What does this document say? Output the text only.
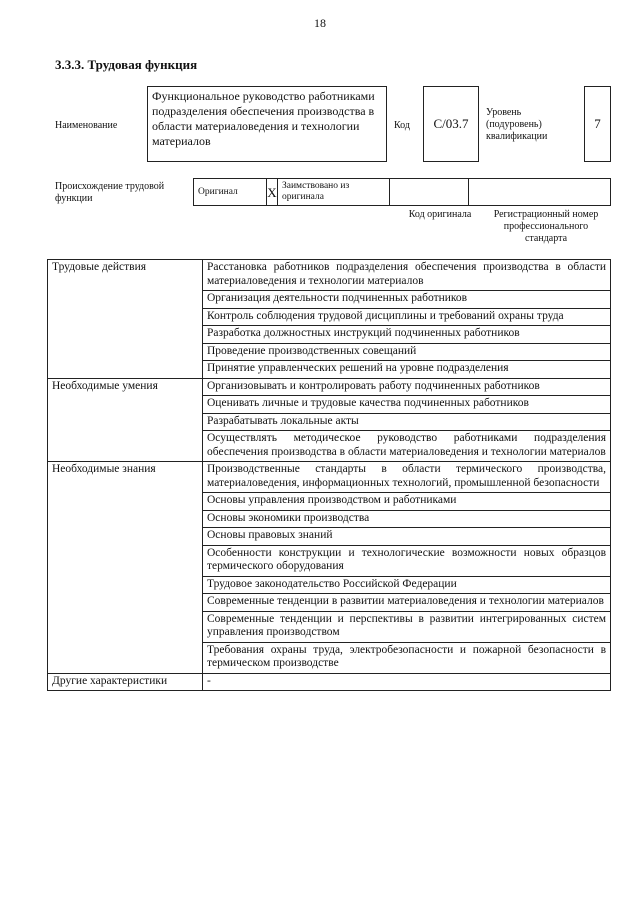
18
3.3.3. Трудовая функция
Наименование
Функциональное руководство работниками подразделения обеспечения производства в области материаловедения и технологии материалов
Код	С/03.7
Уровень (подуровень) квалификации
7
Происхождение трудовой функции
Оригинал	X	Заимствовано из оригинала		
Код оригинала	Регистрационный номер профессионального стандарта
Трудовые действия	Расстановка работников подразделения обеспечения производства в области материаловедения и технологии материалов
	Организация деятельности подчиненных работников
	Контроль соблюдения трудовой дисциплины и требований охраны труда
	Разработка должностных инструкций подчиненных работников
	Проведение производственных совещаний
	Принятие управленческих решений на уровне подразделения
Необходимые умения	Организовывать и контролировать работу подчиненных работников
	Оценивать личные и трудовые качества подчиненных работников
	Разрабатывать локальные акты
	Осуществлять методическое руководство работниками подразделения обеспечения производства в области материаловедения и технологии материалов
Необходимые знания	Производственные стандарты в области термического производства, материаловедения, информационных технологий, промышленной безопасности
	Основы управления производством и работниками
	Основы экономики производства
	Основы правовых знаний
	Особенности конструкции и технологические возможности новых образцов термического оборудования
	Трудовое законодательство Российской Федерации
	Современные тенденции в развитии материаловедения и технологии материалов
	Современные тенденции и перспективы в развитии интегрированных систем управления производством
	Требования охраны труда, электробезопасности и пожарной безопасности в термическом производстве
Другие характеристики	-
